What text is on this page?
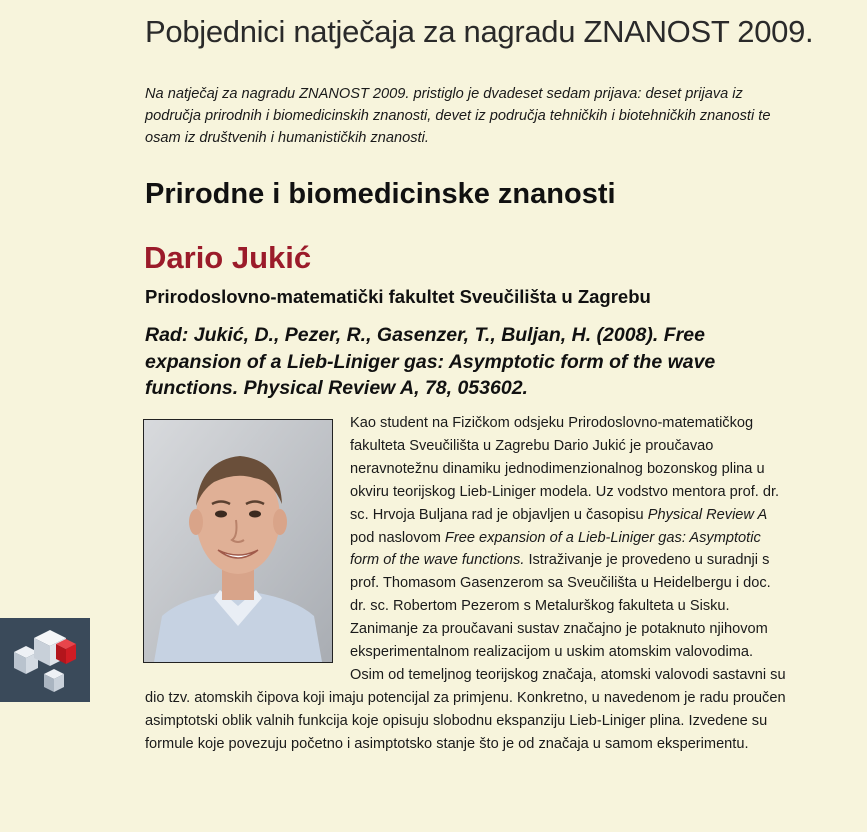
Pobjednici natječaja za nagradu ZNANOST 2009.
Na natječaj za nagradu ZNANOST 2009. pristiglo je dvadeset sedam prijava: deset prijava iz područja prirodnih i biomedicinskih znanosti, devet iz područja tehničkih i biotehničkih znanosti te osam iz društvenih i humanističkih znanosti.
Prirodne i biomedicinske znanosti
Dario Jukić
Prirodoslovno-matematički fakultet Sveučilišta u Zagrebu
Rad: Jukić, D., Pezer, R., Gasenzer, T., Buljan, H. (2008). Free expansion of a Lieb-Liniger gas: Asymptotic form of the wave functions. Physical Review A, 78, 053602.
Kao student na Fizičkom odsjeku Prirodoslovno-matematičkog fakulteta Sveučilišta u Zagrebu Dario Jukić je proučavao neravnotežnu dinamiku jednodimenzionalnog bozonskog plina u okviru teorijskog Lieb-Liniger modela. Uz vodstvo mentora prof. dr. sc. Hrvoja Buljana rad je objavljen u časopisu Physical Review A pod naslovom Free expansion of a Lieb-Liniger gas: Asymptotic form of the wave functions. Istraživanje je provedeno u suradnji s prof. Thomasom Gasenzerom sa Sveučilišta u Heidelbergu i doc. dr. sc. Robertom Pezerom s Metalurškog fakulteta u Sisku. Zanimanje za proučavani sustav značajno je potaknuto njihovom eksperimentalnom realizacijom u uskim atomskim valovodima. Osim od temeljnog teorijskog značaja, atomski valovodi sastavni su dio tzv. atomskih čipova koji imaju potencijal za primjenu. Konkretno, u navedenom je radu proučen asimptotski oblik valnih funkcija koje opisuju slobodnu ekspanziju Lieb-Liniger plina. Izvedene su formule koje povezuju početno i asimptotsko stanje što je od značaja u samom eksperimentu.
